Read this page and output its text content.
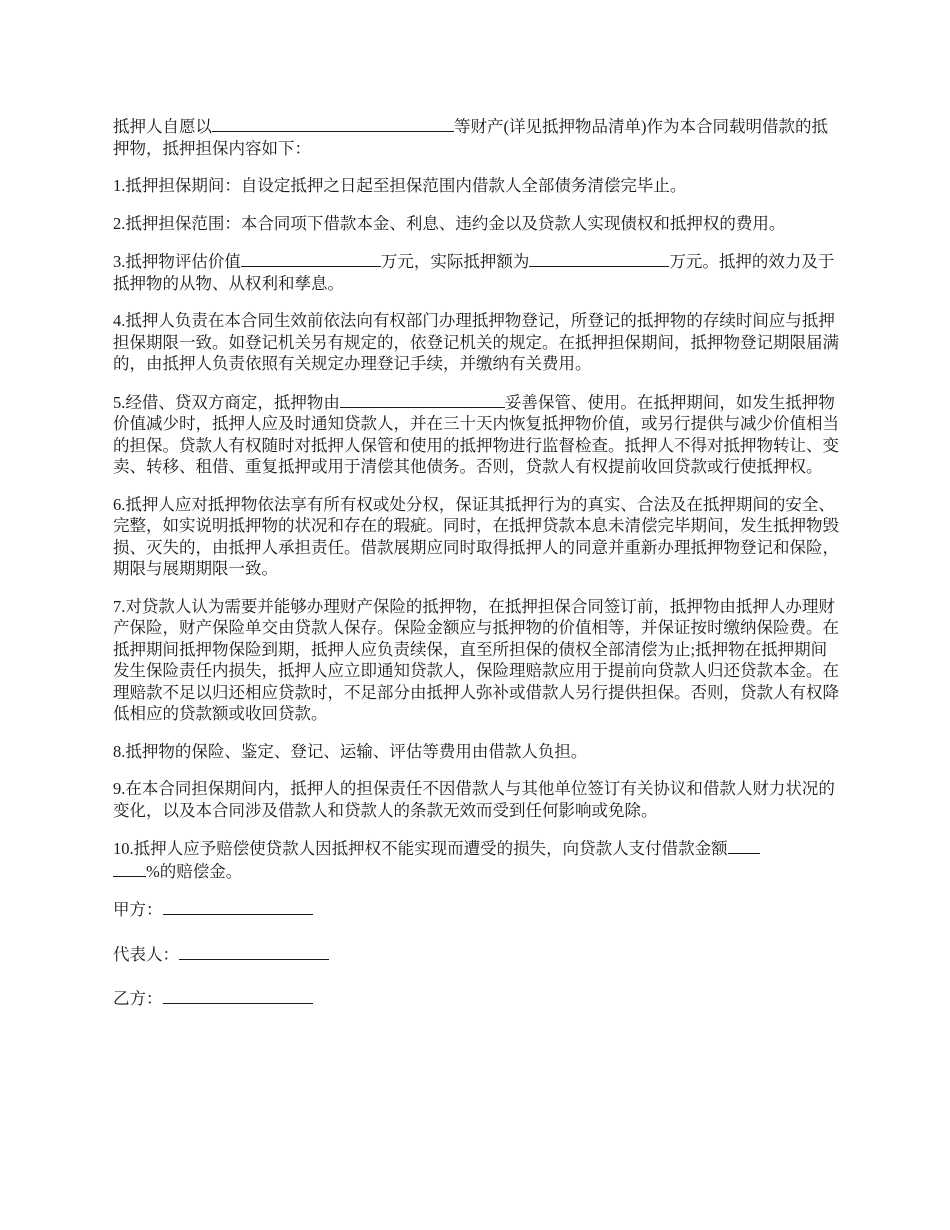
抵押人自愿以	等财产(详见抵押物品清单)作为本合同载明借款的抵押物，抵押担保内容如下：

1.抵押担保期间：自设定抵押之日起至担保范围内借款人全部债务清偿完毕止。

2.抵押担保范围：本合同项下借款本金、利息、违约金以及贷款人实现债权和抵押权的费用。

3.抵押物评估价值	万元，实际抵押额为	万元。抵押的效力及于抵押物的从物、从权利和孳息。

4.抵押人负责在本合同生效前依法向有权部门办理抵押物登记，所登记的抵押物的存续时间应与抵押担保期限一致。如登记机关另有规定的，依登记机关的规定。在抵押担保期间，抵押物登记期限届满的，由抵押人负责依照有关规定办理登记手续，并缴纳有关费用。

5.经借、贷双方商定，抵押物由	妥善保管、使用。在抵押期间，如发生抵押物价值减少时，抵押人应及时通知贷款人，并在三十天内恢复抵押物价值，或另行提供与减少价值相当的担保。贷款人有权随时对抵押人保管和使用的抵押物进行监督检查。抵押人不得对抵押物转让、变卖、转移、租借、重复抵押或用于清偿其他债务。否则，贷款人有权提前收回贷款或行使抵押权。

6.抵押人应对抵押物依法享有所有权或处分权，保证其抵押行为的真实、合法及在抵押期间的安全、完整，如实说明抵押物的状况和存在的瑕疵。同时，在抵押贷款本息未清偿完毕期间，发生抵押物毁损、灭失的，由抵押人承担责任。借款展期应同时取得抵押人的同意并重新办理抵押物登记和保险，期限与展期期限一致。

7.对贷款人认为需要并能够办理财产保险的抵押物，在抵押担保合同签订前，抵押物由抵押人办理财产保险，财产保险单交由贷款人保存。保险金额应与抵押物的价值相等，并保证按时缴纳保险费。在抵押期间抵押物保险到期，抵押人应负责续保，直至所担保的债权全部清偿为止;抵押物在抵押期间发生保险责任内损失，抵押人应立即通知贷款人，保险理赔款应用于提前向贷款人归还贷款本金。在理赔款不足以归还相应贷款时，不足部分由抵押人弥补或借款人另行提供担保。否则，贷款人有权降低相应的贷款额或收回贷款。

8.抵押物的保险、鉴定、登记、运输、评估等费用由借款人负担。

9.在本合同担保期间内，抵押人的担保责任不因借款人与其他单位签订有关协议和借款人财力状况的变化，以及本合同涉及借款人和贷款人的条款无效而受到任何影响或免除。

10.抵押人应予赔偿使贷款人因抵押权不能实现而遭受的损失，向贷款人支付借款金额
%的赔偿金。

甲方：

代表人：

乙方：
